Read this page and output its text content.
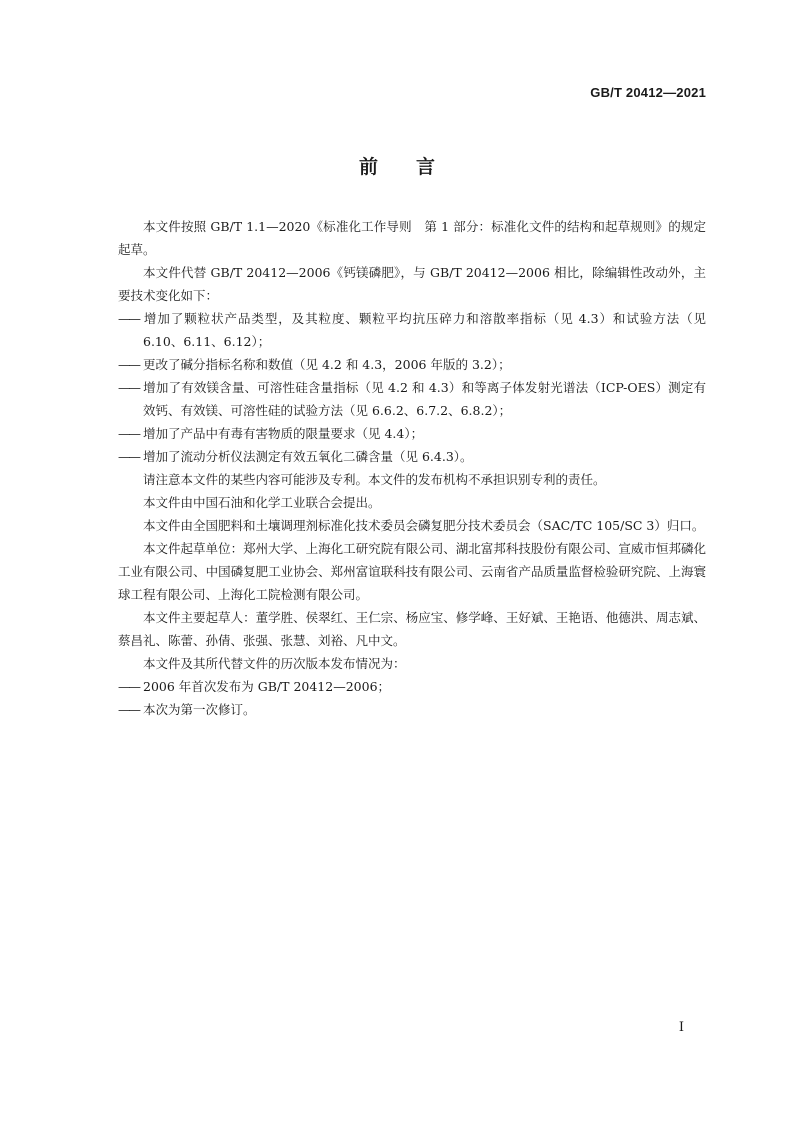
GB/T 20412—2021
前言

本文件按照 GB/T 1.1—2020《标准化工作导则　第 1 部分：标准化文件的结构和起草规则》的规定起草。

本文件代替 GB/T 20412—2006《钙镁磷肥》，与 GB/T 20412—2006 相比，除编辑性改动外，主要技术变化如下：

—— 增加了颗粒状产品类型，及其粒度、颗粒平均抗压碎力和溶散率指标（见 4.3）和试验方法（见 6.10、6.11、6.12）；

—— 更改了碱分指标名称和数值（见 4.2 和 4.3，2006 年版的 3.2）；

—— 增加了有效镁含量、可溶性硅含量指标（见 4.2 和 4.3）和等离子体发射光谱法（ICP-OES）测定有效钙、有效镁、可溶性硅的试验方法（见 6.6.2、6.7.2、6.8.2）；

—— 增加了产品中有毒有害物质的限量要求（见 4.4）；

—— 增加了流动分析仪法测定有效五氧化二磷含量（见 6.4.3）。

请注意本文件的某些内容可能涉及专利。本文件的发布机构不承担识别专利的责任。

本文件由中国石油和化学工业联合会提出。

本文件由全国肥料和土壤调理剂标准化技术委员会磷复肥分技术委员会（SAC/TC 105/SC 3）归口。

本文件起草单位：郑州大学、上海化工研究院有限公司、湖北富邦科技股份有限公司、宣威市恒邦磷化工业有限公司、中国磷复肥工业协会、郑州富谊联科技有限公司、云南省产品质量监督检验研究院、上海寰球工程有限公司、上海化工院检测有限公司。

本文件主要起草人：董学胜、侯翠红、王仁宗、杨应宝、修学峰、王好斌、王艳语、他德洪、周志斌、蔡昌礼、陈蕾、孙倩、张强、张慧、刘裕、凡中文。

本文件及其所代替文件的历次版本发布情况为：

—— 2006 年首次发布为 GB/T 20412—2006；

—— 本次为第一次修订。

I
